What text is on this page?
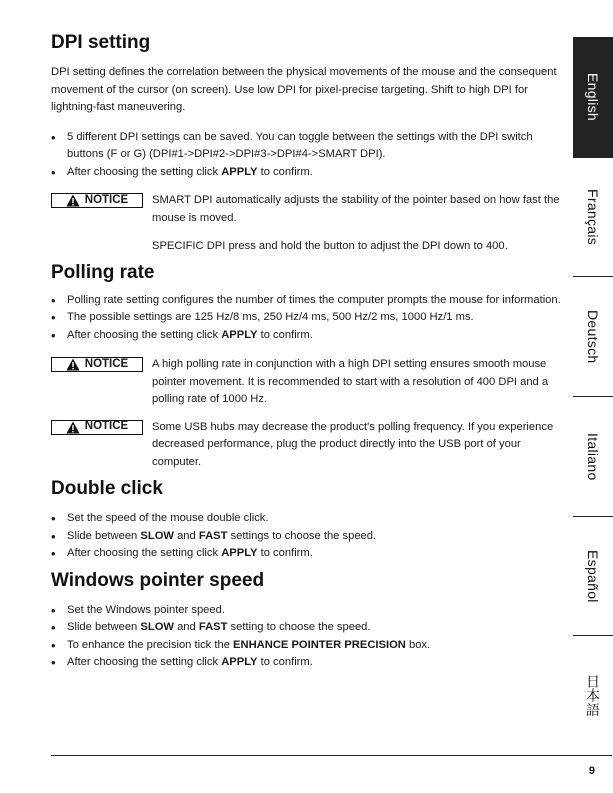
DPI setting

DPI setting defines the correlation between the physical movements of the mouse and the consequent movement of the cursor (on screen). Use low DPI for pixel-precise targeting. Shift to high DPI for lightning-fast maneuvering.

• 5 different DPI settings can be saved. You can toggle between the settings with the DPI switch buttons (F or G) (DPI#1->DPI#2->DPI#3->DPI#4->SMART DPI).
• After choosing the setting click APPLY to confirm.
NOTICE SMART DPI automatically adjusts the stability of the pointer based on how fast the mouse is moved.

SPECIFIC DPI press and hold the button to adjust the DPI down to 400.

Polling rate
• Polling rate setting configures the number of times the computer prompts the mouse for information.
• The possible settings are 125 Hz/8 ms, 250 Hz/4 ms, 500 Hz/2 ms, 1000 Hz/1 ms.
• After choosing the setting click APPLY to confirm.
NOTICE A high polling rate in conjunction with a high DPI setting ensures smooth mouse pointer movement. It is recommended to start with a resolution of 400 DPI and a polling rate of 1000 Hz.

NOTICE Some USB hubs may decrease the product's polling frequency. If you experience decreased performance, plug the product directly into the USB port of your computer.

Double click
• Set the speed of the mouse double click.
• Slide between SLOW and FAST settings to choose the speed.
• After choosing the setting click APPLY to confirm.
Windows pointer speed
• Set the Windows pointer speed.
• Slide between SLOW and FAST setting to choose the speed.
• To enhance the precision tick the ENHANCE POINTER PRECISION box.
• After choosing the setting click APPLY to confirm.
English
Français
Deutsch
Italiano
Español
日本語
9
